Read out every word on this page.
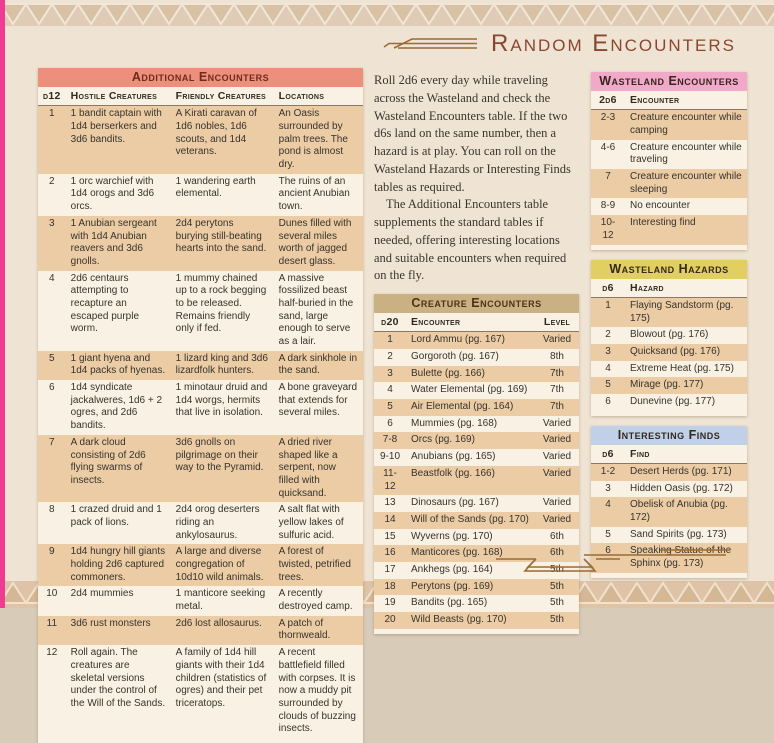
Random Encounters
Additional Encounters
d12	Hostile Creatures	Friendly Creatures	Locations
1	1 bandit captain with 1d4 berserkers and 3d6 bandits.	A Kirati caravan of 1d6 nobles, 1d6 scouts, and 1d4 veterans.	An Oasis surrounded by palm trees. The pond is almost dry.
2	1 orc warchief with 1d4 orogs and 3d6 orcs.	1 wandering earth elemental.	The ruins of an ancient Anubian town.
3	1 Anubian sergeant with 1d4 Anubian reavers and 3d6 gnolls.	2d4 perytons burying still-beating hearts into the sand.	Dunes filled with several miles worth of jagged desert glass.
4	2d6 centaurs attempting to recapture an escaped purple worm.	1 mummy chained up to a rock begging to be released. Remains friendly only if fed.	A massive fossilized beast half-buried in the sand, large enough to serve as a lair.
5	1 giant hyena and 1d4 packs of hyenas.	1 lizard king and 3d6 lizardfolk hunters.	A dark sinkhole in the sand.
6	1d4 syndicate jackalweres, 1d6 + 2 ogres, and 2d6 bandits.	1 minotaur druid and 1d4 worgs, hermits that live in isolation.	A bone graveyard that extends for several miles.
7	A dark cloud consisting of 2d6 flying swarms of insects.	3d6 gnolls on pilgrimage on their way to the Pyramid.	A dried river shaped like a serpent, now filled with quicksand.
8	1 crazed druid and 1 pack of lions.	2d4 orog deserters riding an ankylosaurus.	A salt flat with yellow lakes of sulfuric acid.
9	1d4 hungry hill giants holding 2d6 captured commoners.	A large and diverse congregation of 10d10 wild animals.	A forest of twisted, petrified trees.
10	2d4 mummies	1 manticore seeking metal.	A recently destroyed camp.
11	3d6 rust monsters	2d6 lost allosaurus.	A patch of thornweald.
12	Roll again. The creatures are skeletal versions under the control of the Will of the Sands.	A family of 1d4 hill giants with their 1d4 children (statistics of ogres) and their pet triceratops.	A recent battlefield filled with corpses. It is now a muddy pit surrounded by clouds of buzzing insects.

Roll 2d6 every day while traveling across the Wasteland and check the Wasteland Encounters table. If the two d6s land on the same number, then a hazard is at play. You can roll on the Wasteland Hazards or Interesting Finds tables as required.

The Additional Encounters table supplements the standard tables if needed, offering interesting locations and suitable encounters when required on the fly.

Creature Encounters
d20	Encounter	Level
1	Lord Ammu (pg. 167)	Varied
2	Gorgoroth (pg. 167)	8th
3	Bulette (pg. 166)	7th
4	Water Elemental (pg. 169)	7th
5	Air Elemental (pg. 164)	7th
6	Mummies (pg. 168)	Varied
7-8	Orcs (pg. 169)	Varied
9-10	Anubians (pg. 165)	Varied
11-12	Beastfolk (pg. 166)	Varied
13	Dinosaurs (pg. 167)	Varied
14	Will of the Sands (pg. 170)	Varied
15	Wyverns (pg. 170)	6th
16	Manticores (pg. 168)	6th
17	Ankhegs (pg. 164)	5th
18	Perytons (pg. 169)	5th
19	Bandits (pg. 165)	5th
20	Wild Beasts (pg. 170)	5th
Wasteland Encounters
2d6	Encounter
2-3	Creature encounter while camping
4-6	Creature encounter while traveling
7	Creature encounter while sleeping
8-9	No encounter
10-12	Interesting find
Wasteland Hazards
d6	Hazard
1	Flaying Sandstorm (pg. 175)
2	Blowout (pg. 176)
3	Quicksand (pg. 176)
4	Extreme Heat (pg. 175)
5	Mirage (pg. 177)
6	Dunevine (pg. 177)
Interesting Finds
d6	Find
1-2	Desert Herds (pg. 171)
3	Hidden Oasis (pg. 172)
4	Obelisk of Anubia (pg. 172)
5	Sand Spirits (pg. 173)
6	Speaking Statue of the Sphinx (pg. 173)
